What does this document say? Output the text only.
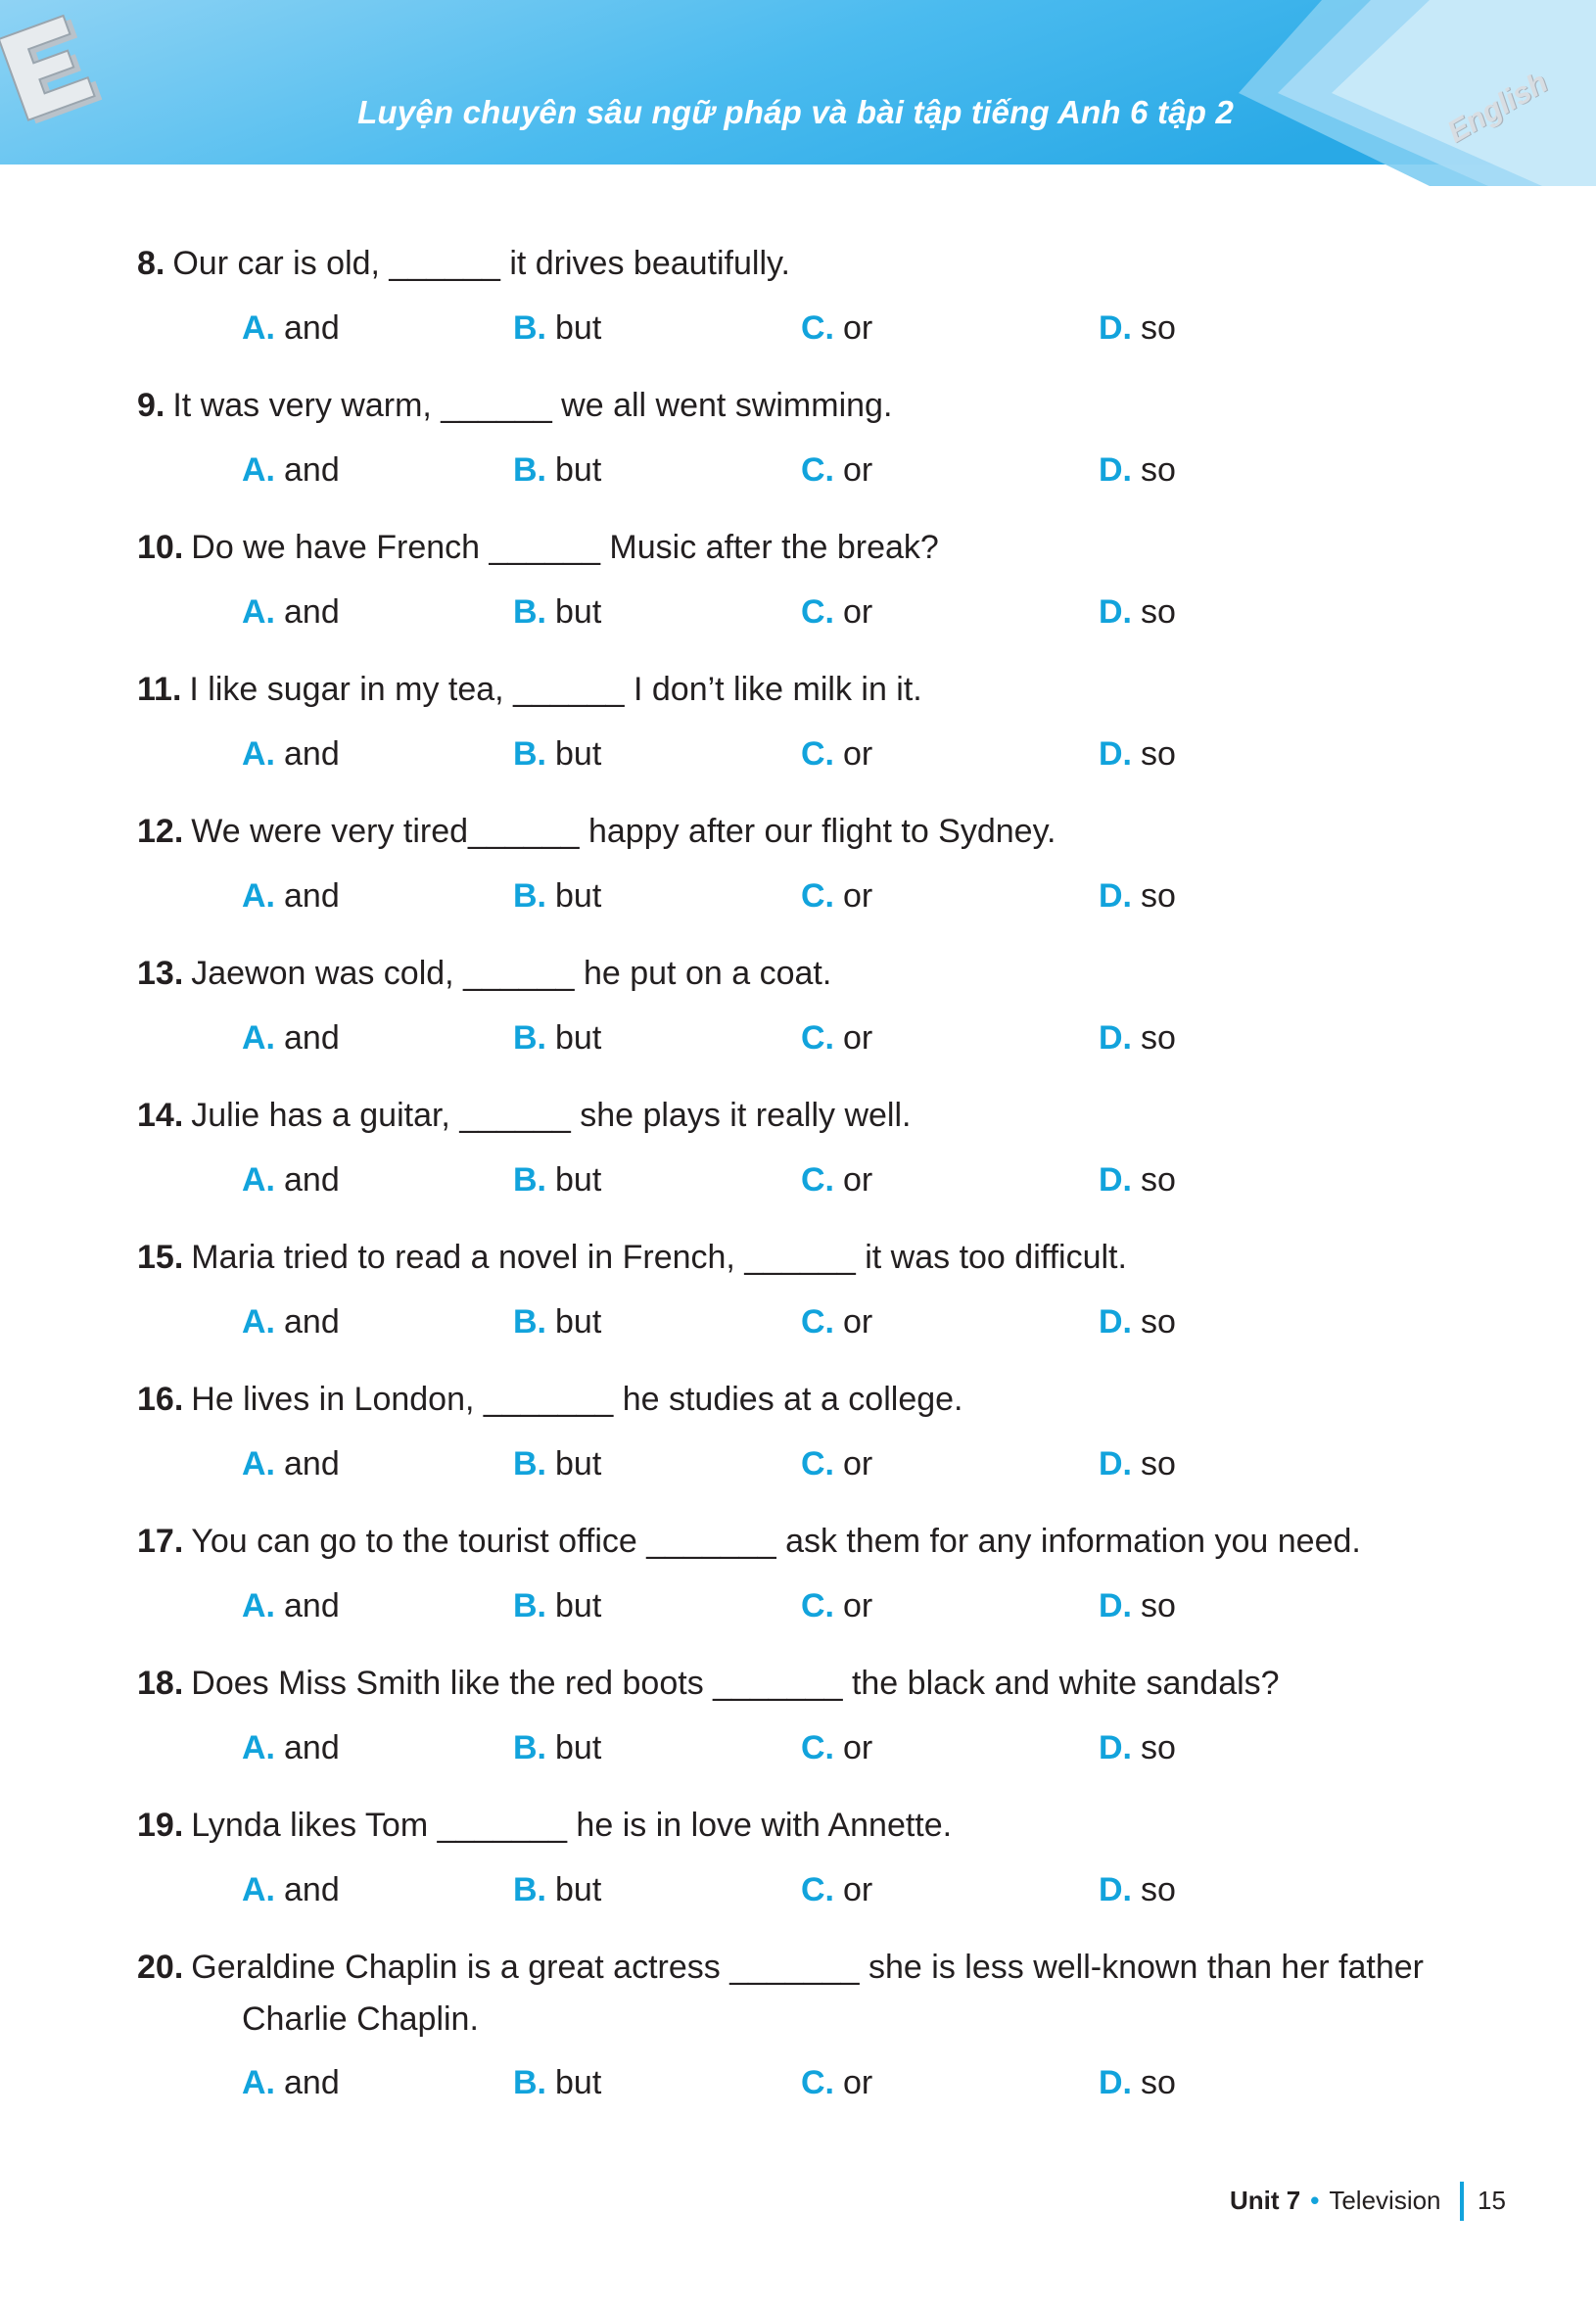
Luyện chuyên sâu ngữ pháp và bài tập tiếng Anh 6 tập 2	English
8. Our car is old, ______ it drives beautifully.
A. and	B. but	C. or	D. so
9. It was very warm, ______ we all went swimming.
A. and	B. but	C. or	D. so
10. Do we have French ______ Music after the break?
A. and	B. but	C. or	D. so
11. I like sugar in my tea, ______ I don’t like milk in it.
A. and	B. but	C. or	D. so
12. We were very tired______ happy after our flight to Sydney.
A. and	B. but	C. or	D. so
13. Jaewon was cold, ______ he put on a coat.
A. and	B. but	C. or	D. so
14. Julie has a guitar, ______ she plays it really well.
A. and	B. but	C. or	D. so
15. Maria tried to read a novel in French, ______ it was too difficult.
A. and	B. but	C. or	D. so
16. He lives in London, _______ he studies at a college.
A. and	B. but	C. or	D. so
17. You can go to the tourist office _______ ask them for any information you need.
A. and	B. but	C. or	D. so
18. Does Miss Smith like the red boots _______ the black and white sandals?
A. and	B. but	C. or	D. so
19. Lynda likes Tom _______ he is in love with Annette.
A. and	B. but	C. or	D. so
20. Geraldine Chaplin is a great actress _______ she is less well-known than her father
Charlie Chaplin.
A. and	B. but	C. or	D. so
Unit 7 • Television 15
